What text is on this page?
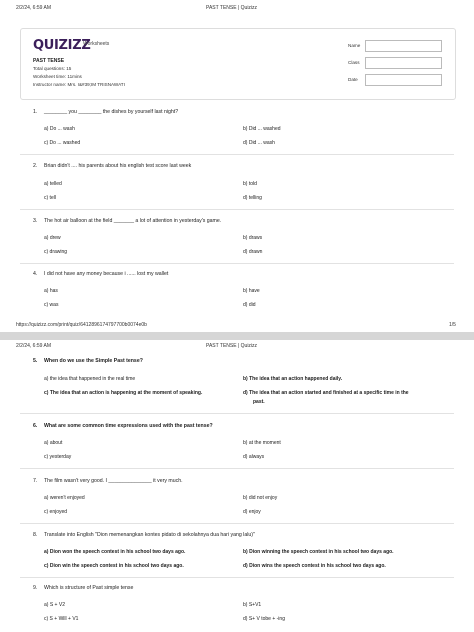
2/2/24, 6:59 AM	PAST TENSE | Quizizz
QUIZIZZ
Worksheets
PAST TENSE
Total questions: 15
Worksheet time: 11mins
Instructor name: Mrs. I&#39;IM TRISNAWATI
Name
Class
Date
1. ________ you ________ the dishes by yourself last night?
a) Do ... wash	b) Did ... washed
c) Do ... washed	d) Did ... wash
2. Brian didn't .... his parents about his english test score last week
a) telled	b) told
c) tell	d) telling
3. The hot air balloon at the field _______ a lot of attention in yesterday's game.
a) drew	b) draws
c) drawing	d) drawn
4. I did not have any money because i ...... lost my wallet
a) has	b) have
c) was	d) did
https://quizizz.com/print/quiz/6412896174797700b0074e0b	1/5
2/2/24, 6:59 AM	PAST TENSE | Quizizz
5. When do we use the Simple Past tense?
a) the idea that happened in the real time	b) The idea that an action happened daily.
c) The idea that an action is happening at the moment of speaking.	d) The idea that an action started and finished at a specific time in the
past.
6. What are some common time expressions used with the past tense?
a) about	b) at the moment
c) yesterday	d) always
7. The film wasn't very good. I _______________ it very much.
a) weren't enjoyed	b) did not enjoy
c) enjoyed	d) enjoy
8. Translate into English "Dion memenangkan kontes pidato di sekolahnya dua hari yang lalu)"
a) Dion won the speech contest in his school two days ago.	b) Dion winning the speech contest in his school two days ago.
c) Dion win the speech contest in his school two days ago.	d) Dion wins the speech contest in his school two days ago.
9. Which is structure of Past simple tense
a) S + V2	b) S+V1
c) S + Will + V1	d) S+ V tobe + -ing
